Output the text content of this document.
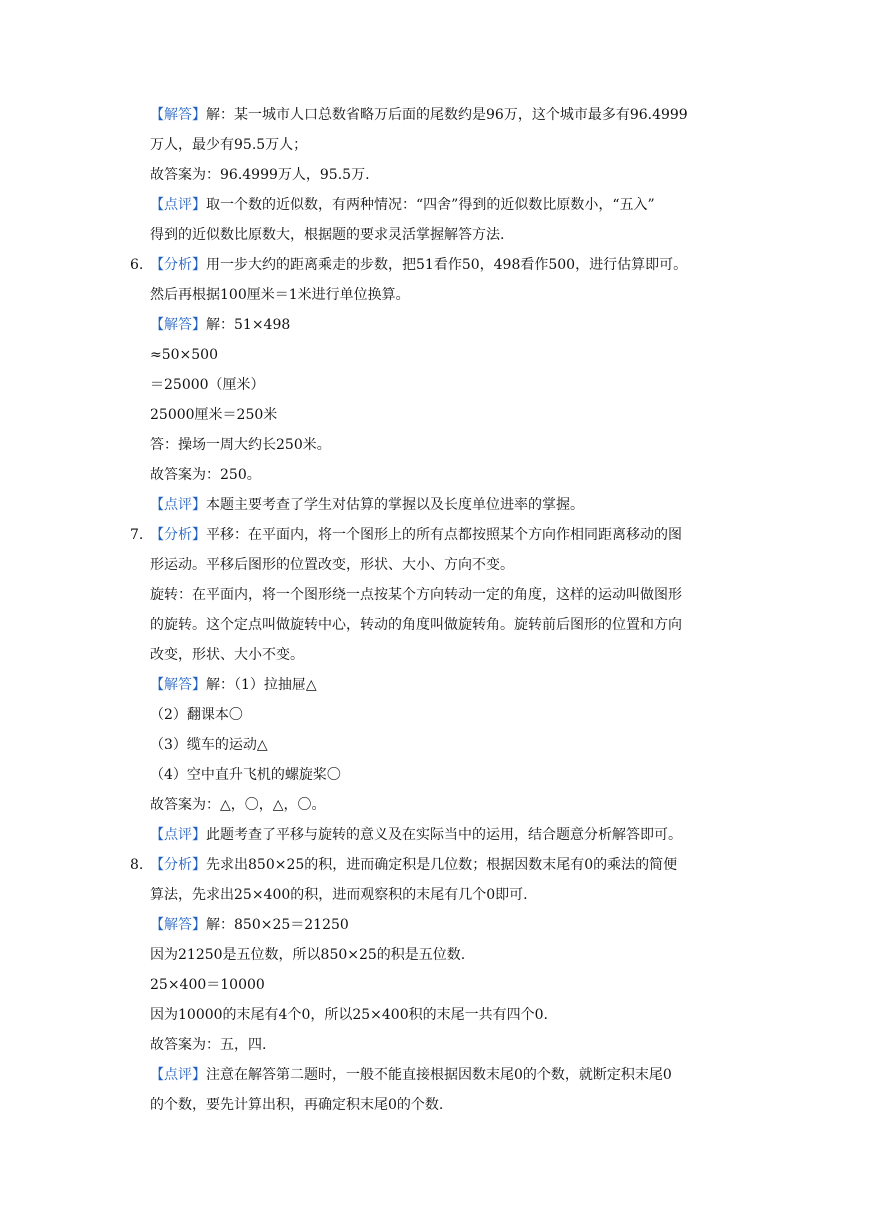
【解答】解：某一城市人口总数省略万后面的尾数约是96万，这个城市最多有96.4999
万人，最少有95.5万人；
故答案为：96.4999万人，95.5万.
【点评】取一个数的近似数，有两种情况：“四舍”得到的近似数比原数小，“五入”
得到的近似数比原数大，根据题的要求灵活掌握解答方法.
6. 【分析】用一步大约的距离乘走的步数，把51看作50，498看作500，进行估算即可。
然后再根据100厘米＝1米进行单位换算。
【解答】解：51×498
≈50×500
＝25000（厘米）
25000厘米＝250米
答：操场一周大约长250米。
故答案为：250。
【点评】本题主要考查了学生对估算的掌握以及长度单位进率的掌握。
7. 【分析】平移：在平面内，将一个图形上的所有点都按照某个方向作相同距离移动的图
形运动。平移后图形的位置改变，形状、大小、方向不变。
旋转：在平面内，将一个图形绕一点按某个方向转动一定的角度，这样的运动叫做图形
的旋转。这个定点叫做旋转中心，转动的角度叫做旋转角。旋转前后图形的位置和方向
改变，形状、大小不变。
【解答】解：（1）拉抽屉△
（2）翻课本〇
（3）缆车的运动△
（4）空中直升飞机的螺旋桨〇
故答案为：△，〇，△，〇。
【点评】此题考查了平移与旋转的意义及在实际当中的运用，结合题意分析解答即可。
8. 【分析】先求出850×25的积，进而确定积是几位数；根据因数末尾有0的乘法的简便
算法，先求出25×400的积，进而观察积的末尾有几个0即可.
【解答】解：850×25＝21250
因为21250是五位数，所以850×25的积是五位数.
25×400＝10000
因为10000的末尾有4个0，所以25×400积的末尾一共有四个0.
故答案为：五，四.
【点评】注意在解答第二题时，一般不能直接根据因数末尾0的个数，就断定积末尾0
的个数，要先计算出积，再确定积末尾0的个数.
